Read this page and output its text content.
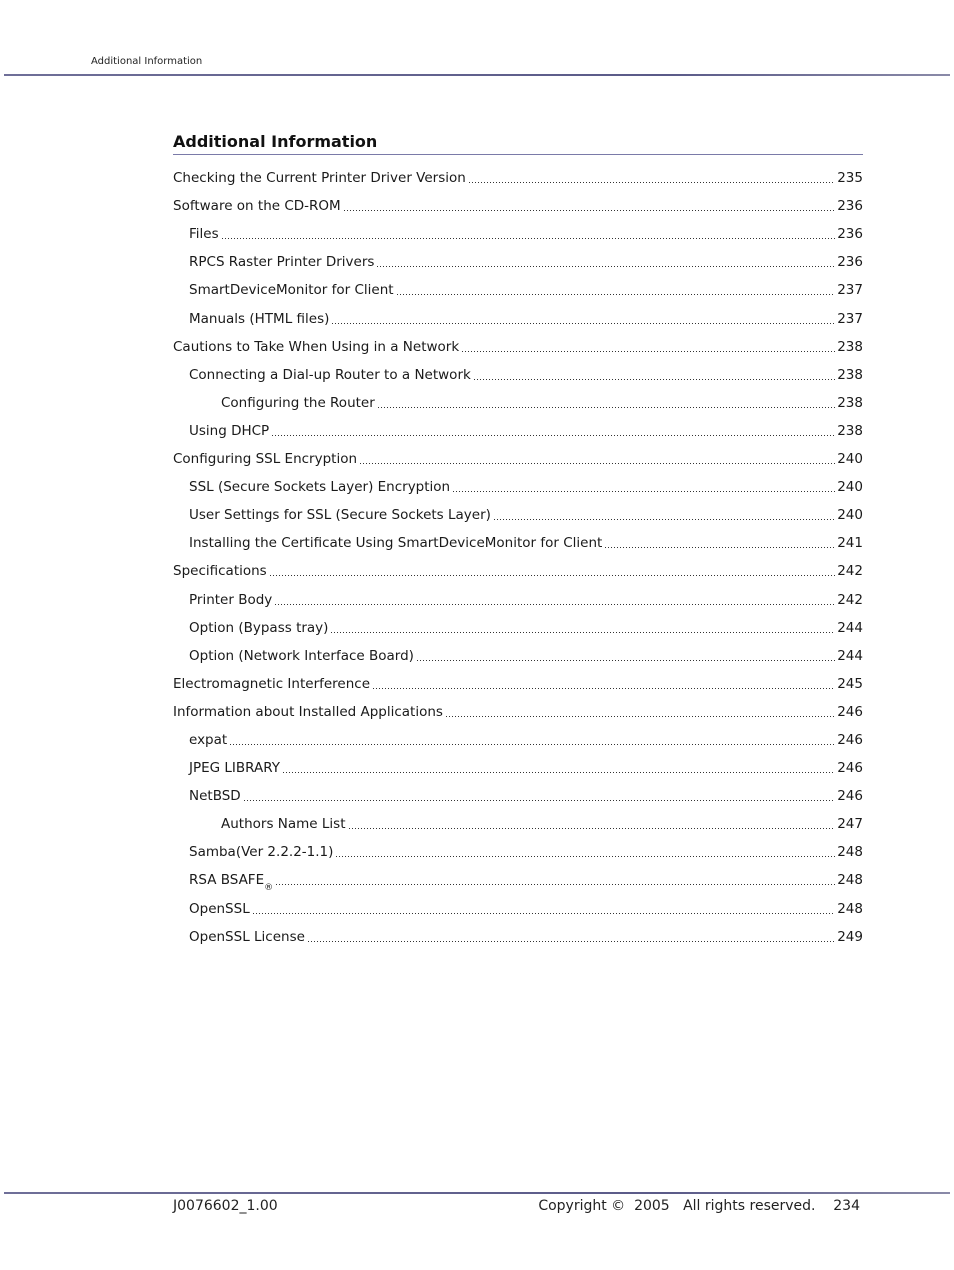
Additional Information
Additional Information
Checking the Current Printer Driver Version	235
Software on the CD-ROM	236
Files	236
RPCS Raster Printer Drivers	236
SmartDeviceMonitor for Client	237
Manuals (HTML files)	237
Cautions to Take When Using in a Network	238
Connecting a Dial-up Router to a Network	238
Configuring the Router	238
Using DHCP	238
Configuring SSL Encryption	240
SSL (Secure Sockets Layer) Encryption	240
User Settings for SSL (Secure Sockets Layer)	240
Installing the Certificate Using SmartDeviceMonitor for Client	241
Specifications	242
Printer Body	242
Option (Bypass tray)	244
Option (Network Interface Board)	244
Electromagnetic Interference	245
Information about Installed Applications	246
expat	246
JPEG LIBRARY	246
NetBSD	246
Authors Name List	247
Samba(Ver 2.2.2-1.1)	248
RSA BSAFE ®	248
OpenSSL	248
OpenSSL License	249
J0076602_1.00	Copyright ©  2005   All rights reserved.    234
